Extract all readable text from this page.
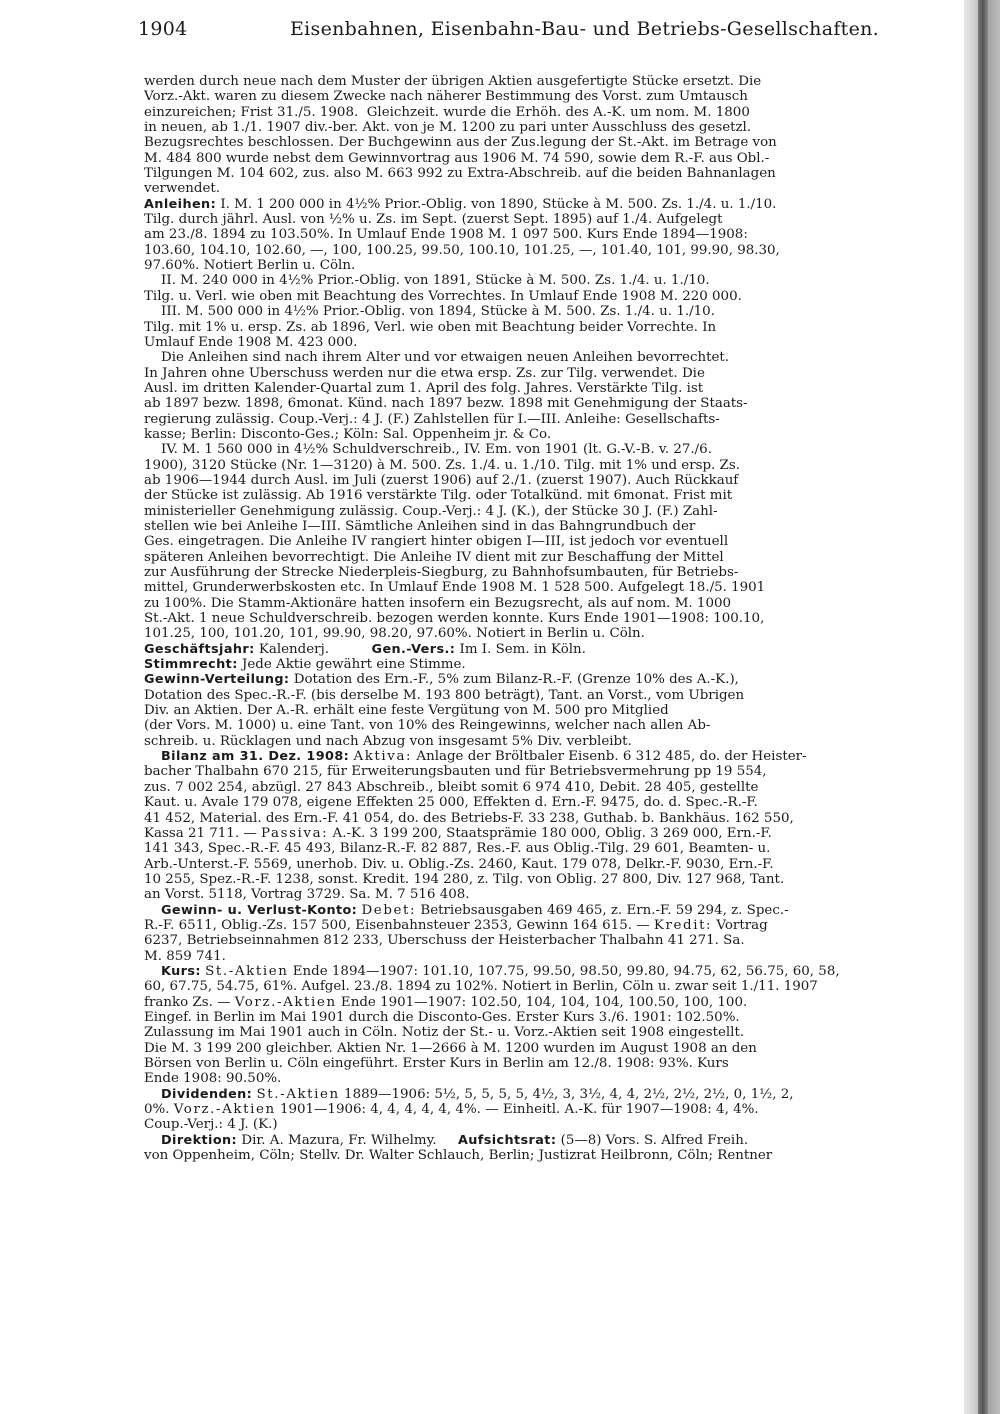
1904	Eisenbahnen, Eisenbahn-Bau- und Betriebs-Gesellschaften.
werden durch neue nach dem Muster der übrigen Aktien ausgefertigte Stücke ersetzt. Die
Vorz.-Akt. waren zu diesem Zwecke nach näherer Bestimmung des Vorst. zum Umtausch
einzureichen; Frist 31./5. 1908.  Gleichzeit. wurde die Erhöh. des A.-K. um nom. M. 1800
in neuen, ab 1./1. 1907 div.-ber. Akt. von je M. 1200 zu pari unter Ausschluss des gesetzl.
Bezugsrechtes beschlossen. Der Buchgewinn aus der Zus.legung der St.-Akt. im Betrage von
M. 484 800 wurde nebst dem Gewinnvortrag aus 1906 M. 74 590, sowie dem R.-F. aus Obl.-
Tilgungen M. 104 602, zus. also M. 663 992 zu Extra-Abschreib. auf die beiden Bahnanlagen
verwendet.
Anleihen: I. M. 1 200 000 in 4½% Prior.-Oblig. von 1890, Stücke à M. 500. Zs. 1./4. u. 1./10.
Tilg. durch jährl. Ausl. von ½% u. Zs. im Sept. (zuerst Sept. 1895) auf 1./4. Aufgelegt
am 23./8. 1894 zu 103.50%. In Umlauf Ende 1908 M. 1 097 500. Kurs Ende 1894—1908:
103.60, 104.10, 102.60, —, 100, 100.25, 99.50, 100.10, 101.25, —, 101.40, 101, 99.90, 98.30,
97.60%. Notiert Berlin u. Cöln.
II. M. 240 000 in 4½% Prior.-Oblig. von 1891, Stücke à M. 500. Zs. 1./4. u. 1./10.
Tilg. u. Verl. wie oben mit Beachtung des Vorrechtes. In Umlauf Ende 1908 M. 220 000.
III. M. 500 000 in 4½% Prior.-Oblig. von 1894, Stücke à M. 500. Zs. 1./4. u. 1./10.
Tilg. mit 1% u. ersp. Zs. ab 1896, Verl. wie oben mit Beachtung beider Vorrechte. In
Umlauf Ende 1908 M. 423 000.
Die Anleihen sind nach ihrem Alter und vor etwaigen neuen Anleihen bevorrechtet.
In Jahren ohne Überschuss werden nur die etwa ersp. Zs. zur Tilg. verwendet. Die
Ausl. im dritten Kalender-Quartal zum 1. April des folg. Jahres. Verstärkte Tilg. ist
ab 1897 bezw. 1898, 6monat. Künd. nach 1897 bezw. 1898 mit Genehmigung der Staats-
regierung zulässig. Coup.-Verj.: 4 J. (F.) Zahlstellen für I.—III. Anleihe: Gesellschafts-
kasse; Berlin: Disconto-Ges.; Köln: Sal. Oppenheim jr. & Co.
IV. M. 1 560 000 in 4½% Schuldverschreib., IV. Em. von 1901 (lt. G.-V.-B. v. 27./6.
1900), 3120 Stücke (Nr. 1—3120) à M. 500. Zs. 1./4. u. 1./10. Tilg. mit 1% und ersp. Zs.
ab 1906—1944 durch Ausl. im Juli (zuerst 1906) auf 2./1. (zuerst 1907). Auch Rückkauf
der Stücke ist zulässig. Ab 1916 verstärkte Tilg. oder Totalkünd. mit 6monat. Frist mit
ministerieller Genehmigung zulässig. Coup.-Verj.: 4 J. (K.), der Stücke 30 J. (F.) Zahl-
stellen wie bei Anleihe I—III. Sämtliche Anleihen sind in das Bahngrundbuch der
Ges. eingetragen. Die Anleihe IV rangiert hinter obigen I—III, ist jedoch vor eventuell
späteren Anleihen bevorrechtigt. Die Anleihe IV dient mit zur Beschaffung der Mittel
zur Ausführung der Strecke Niederpleis-Siegburg, zu Bahnhofsumbauten, für Betriebs-
mittel, Grunderwerbskosten etc. In Umlauf Ende 1908 M. 1 528 500. Aufgelegt 18./5. 1901
zu 100%. Die Stamm-Aktionäre hatten insofern ein Bezugsrecht, als auf nom. M. 1000
St.-Akt. 1 neue Schuldverschreib. bezogen werden konnte. Kurs Ende 1901—1908: 100.10,
101.25, 100, 101.20, 101, 99.90, 98.20, 97.60%. Notiert in Berlin u. Cöln.
Geschäftsjahr: Kalenderj.          Gen.-Vers.: Im I. Sem. in Köln.
Stimmrecht: Jede Aktie gewährt eine Stimme.
Gewinn-Verteilung: Dotation des Ern.-F., 5% zum Bilanz-R.-F. (Grenze 10% des A.-K.),
Dotation des Spec.-R.-F. (bis derselbe M. 193 800 beträgt), Tant. an Vorst., vom Übrigen
Div. an Aktien. Der A.-R. erhält eine feste Vergütung von M. 500 pro Mitglied
(der Vors. M. 1000) u. eine Tant. von 10% des Reingewinns, welcher nach allen Ab-
schreib. u. Rücklagen und nach Abzug von insgesamt 5% Div. verbleibt.
Bilanz am 31. Dez. 1908: Aktiva: Anlage der Bröltbaler Eisenb. 6 312 485, do. der Heister-
bacher Thalbahn 670 215, für Erweiterungsbauten und für Betriebsvermehrung pp 19 554,
zus. 7 002 254, abzügl. 27 843 Abschreib., bleibt somit 6 974 410, Debit. 28 405, gestellte
Kaut. u. Avale 179 078, eigene Effekten 25 000, Effekten d. Ern.-F. 9475, do. d. Spec.-R.-F.
41 452, Material. des Ern.-F. 41 054, do. des Betriebs-F. 33 238, Guthab. b. Bankhäus. 162 550,
Kassa 21 711. — Passiva: A.-K. 3 199 200, Staatsprämie 180 000, Oblig. 3 269 000, Ern.-F.
141 343, Spec.-R.-F. 45 493, Bilanz-R.-F. 82 887, Res.-F. aus Oblig.-Tilg. 29 601, Beamten- u.
Arb.-Unterst.-F. 5569, unerhob. Div. u. Oblig.-Zs. 2460, Kaut. 179 078, Delkr.-F. 9030, Ern.-F.
10 255, Spez.-R.-F. 1238, sonst. Kredit. 194 280, z. Tilg. von Oblig. 27 800, Div. 127 968, Tant.
an Vorst. 5118, Vortrag 3729. Sa. M. 7 516 408.
Gewinn- u. Verlust-Konto: Debet: Betriebsausgaben 469 465, z. Ern.-F. 59 294, z. Spec.-
R.-F. 6511, Oblig.-Zs. 157 500, Eisenbahnsteuer 2353, Gewinn 164 615. — Kredit: Vortrag
6237, Betriebseinnahmen 812 233, Überschuss der Heisterbacher Thalbahn 41 271. Sa.
M. 859 741.
Kurs: St.-Aktien Ende 1894—1907: 101.10, 107.75, 99.50, 98.50, 99.80, 94.75, 62, 56.75, 60, 58,
60, 67.75, 54.75, 61%. Aufgel. 23./8. 1894 zu 102%. Notiert in Berlin, Cöln u. zwar seit 1./11. 1907
franko Zs. — Vorz.-Aktien Ende 1901—1907: 102.50, 104, 104, 104, 100.50, 100, 100.
Eingef. in Berlin im Mai 1901 durch die Disconto-Ges. Erster Kurs 3./6. 1901: 102.50%.
Zulassung im Mai 1901 auch in Cöln. Notiz der St.- u. Vorz.-Aktien seit 1908 eingestellt.
Die M. 3 199 200 gleichber. Aktien Nr. 1—2666 à M. 1200 wurden im August 1908 an den
Börsen von Berlin u. Cöln eingeführt. Erster Kurs in Berlin am 12./8. 1908: 93%. Kurs
Ende 1908: 90.50%.
Dividenden: St.-Aktien 1889—1906: 5½, 5, 5, 5, 5, 4½, 3, 3½, 4, 4, 2½, 2½, 2½, 0, 1½, 2,
0%. Vorz.-Aktien 1901—1906: 4, 4, 4, 4, 4, 4%. — Einheitl. A.-K. für 1907—1908: 4, 4%.
Coup.-Verj.: 4 J. (K.)
Direktion: Dir. A. Mazura, Fr. Wilhelmy.     Aufsichtsrat: (5—8) Vors. S. Alfred Freih.
von Oppenheim, Cöln; Stellv. Dr. Walter Schlauch, Berlin; Justizrat Heilbronn, Cöln; Rentner
